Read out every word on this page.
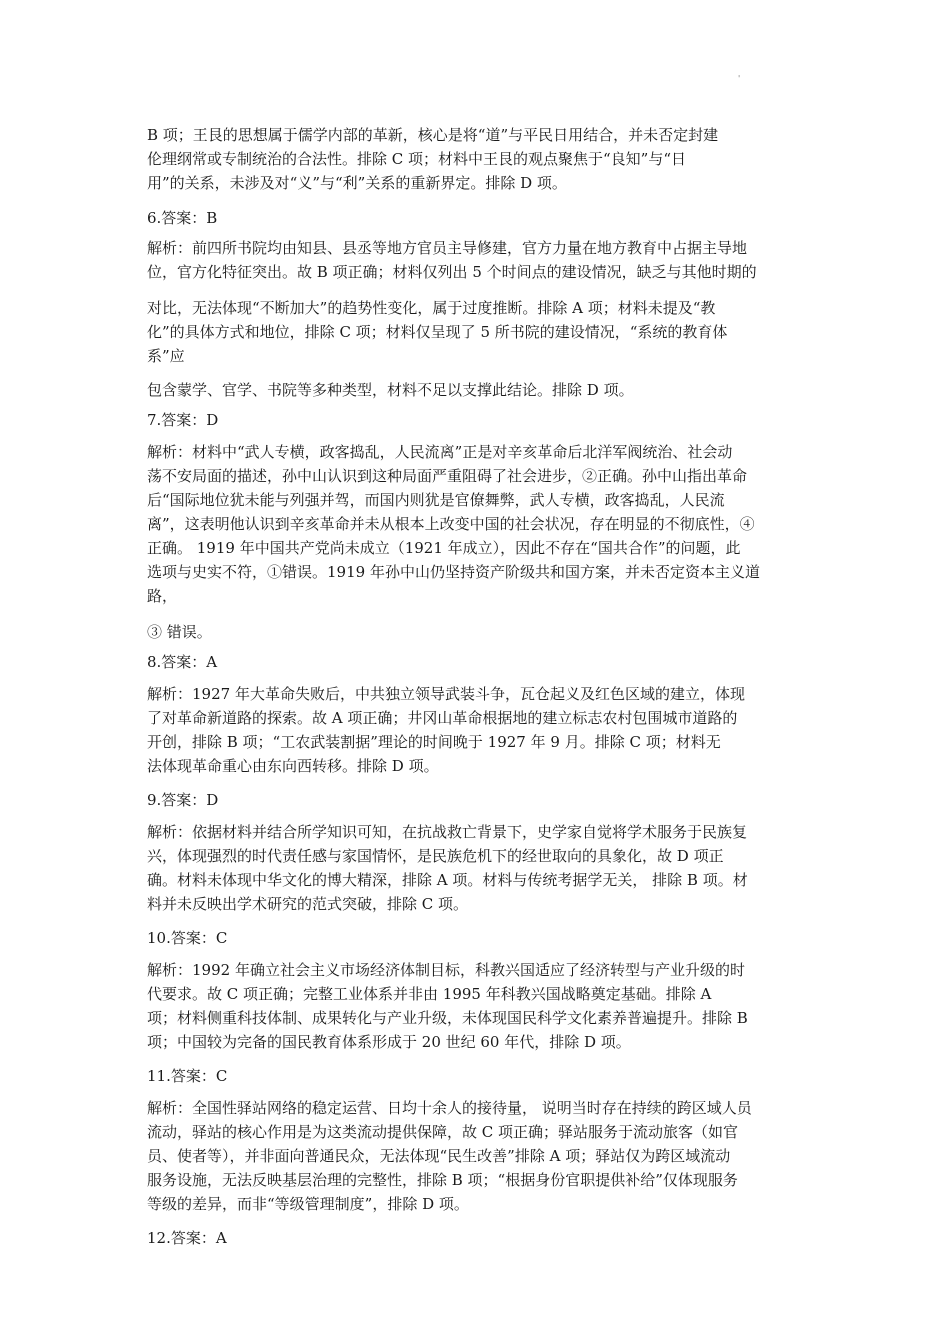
'
B 项；王艮的思想属于儒学内部的革新，核心是将“道”与平民日用结合，并未否定封建
伦理纲常或专制统治的合法性。排除 C 项；材料中王艮的观点聚焦于“良知”与“日
用”的关系，未涉及对“义”与“利”关系的重新界定。排除 D 项。
6.答案：B
解析：前四所书院均由知县、县丞等地方官员主导修建，官方力量在地方教育中占据主导地
位，官方化特征突出。故 B 项正确；材料仅列出 5 个时间点的建设情况，缺乏与其他时期的
对比，无法体现“不断加大”的趋势性变化，属于过度推断。排除 A 项；材料未提及“教
化”的具体方式和地位，排除 C 项；材料仅呈现了 5 所书院的建设情况，“系统的教育体
系”应
包含蒙学、官学、书院等多种类型，材料不足以支撑此结论。排除 D 项。
7.答案：D
解析：材料中“武人专横，政客捣乱，人民流离”正是对辛亥革命后北洋军阀统治、社会动
荡不安局面的描述，孙中山认识到这种局面严重阻碍了社会进步，②正确。孙中山指出革命
后“国际地位犹未能与列强并驾，而国内则犹是官僚舞弊，武人专横，政客捣乱，人民流
离”，这表明他认识到辛亥革命并未从根本上改变中国的社会状况，存在明显的不彻底性，④
正确。 1919 年中国共产党尚未成立（1921 年成立），因此不存在“国共合作”的问题，此
选项与史实不符，①错误。1919 年孙中山仍坚持资产阶级共和国方案，并未否定资本主义道
路，
③ 错误。
8.答案：A
解析：1927 年大革命失败后，中共独立领导武装斗争，瓦仓起义及红色区域的建立，体现
了对革命新道路的探索。故 A 项正确；井冈山革命根据地的建立标志农村包围城市道路的
开创，排除 B 项；“工农武装割据”理论的时间晚于 1927 年 9 月。排除 C 项；材料无
法体现革命重心由东向西转移。排除 D 项。
9.答案：D
解析：依据材料并结合所学知识可知，在抗战救亡背景下，史学家自觉将学术服务于民族复
兴，体现强烈的时代责任感与家国情怀，是民族危机下的经世取向的具象化，故 D 项正
确。材料未体现中华文化的博大精深，排除 A 项。材料与传统考据学无关， 排除 B 项。材
料并未反映出学术研究的范式突破，排除 C 项。
10.答案：C
解析：1992 年确立社会主义市场经济体制目标，科教兴国适应了经济转型与产业升级的时
代要求。故 C 项正确；完整工业体系并非由 1995 年科教兴国战略奠定基础。排除 A
项；材料侧重科技体制、成果转化与产业升级，未体现国民科学文化素养普遍提升。排除 B
项；中国较为完备的国民教育体系形成于 20 世纪 60 年代，排除 D 项。
11.答案：C
解析：全国性驿站网络的稳定运营、日均十余人的接待量， 说明当时存在持续的跨区域人员
流动，驿站的核心作用是为这类流动提供保障，故 C 项正确；驿站服务于流动旅客（如官
员、使者等），并非面向普通民众，无法体现“民生改善”排除 A 项；驿站仅为跨区域流动
服务设施，无法反映基层治理的完整性，排除 B 项；“根据身份官职提供补给”仅体现服务
等级的差异，而非“等级管理制度”，排除 D 项。
12.答案：A
